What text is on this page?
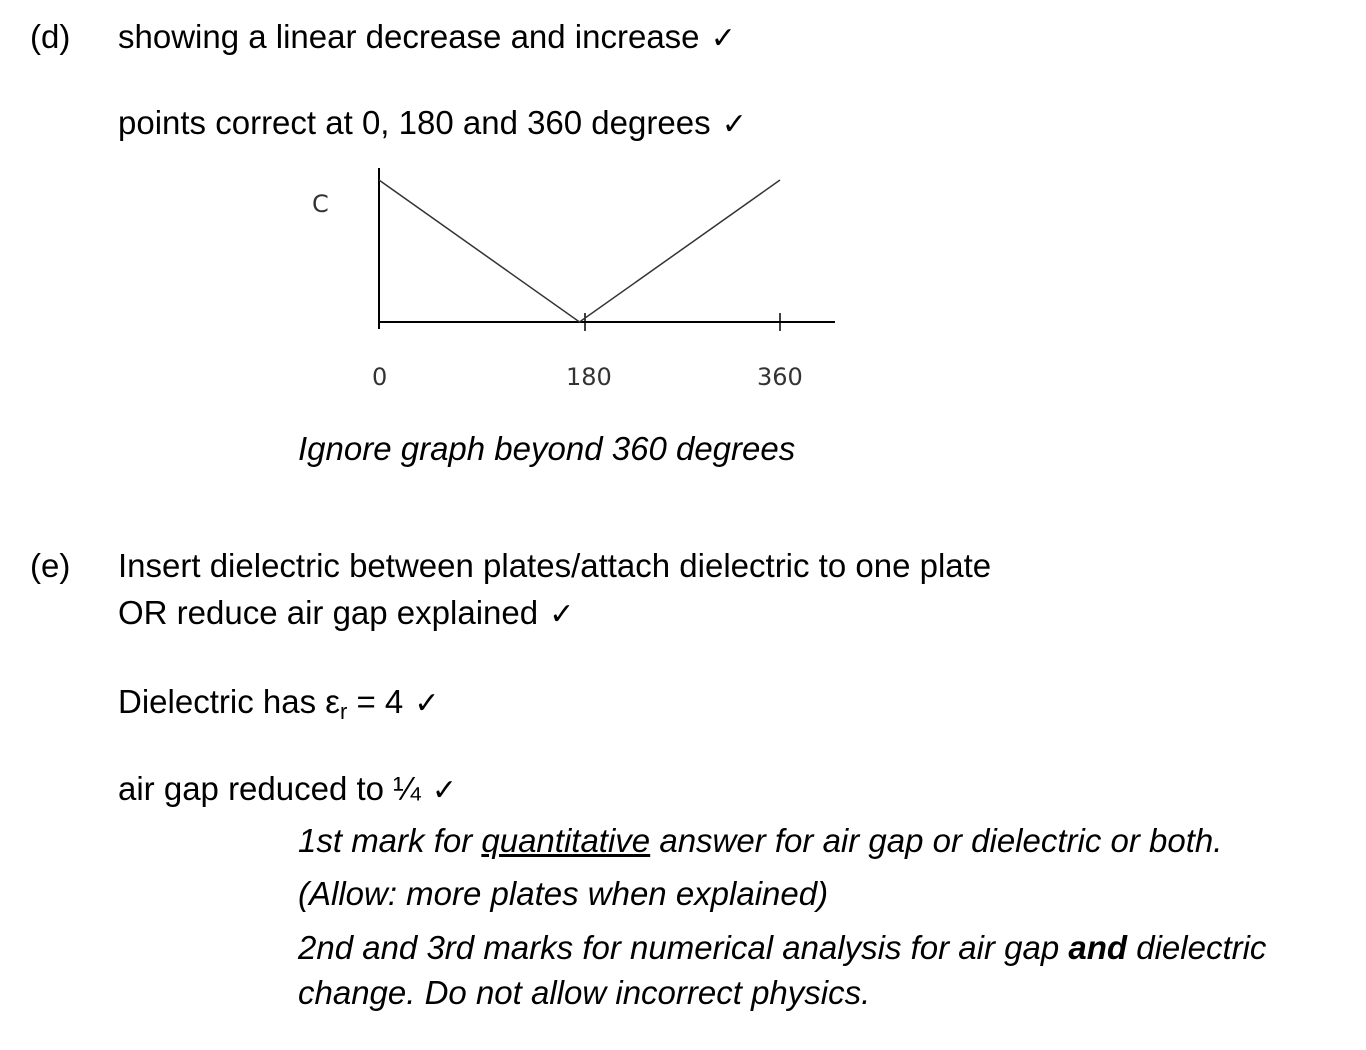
(d) showing a linear decrease and increase ✓
points correct at 0, 180 and 360 degrees ✓
C
0	180	360
Ignore graph beyond 360 degrees
(e) Insert dielectric between plates/attach dielectric to one plate
OR reduce air gap explained ✓
Dielectric has $\varepsilon_r = 4$ ✓
air gap reduced to ¼ ✓
1st mark for quantitative answer for air gap or dielectric or both.
(Allow: more plates when explained)
2nd and 3rd marks for numerical analysis for air gap and dielectric
change. Do not allow incorrect physics.
